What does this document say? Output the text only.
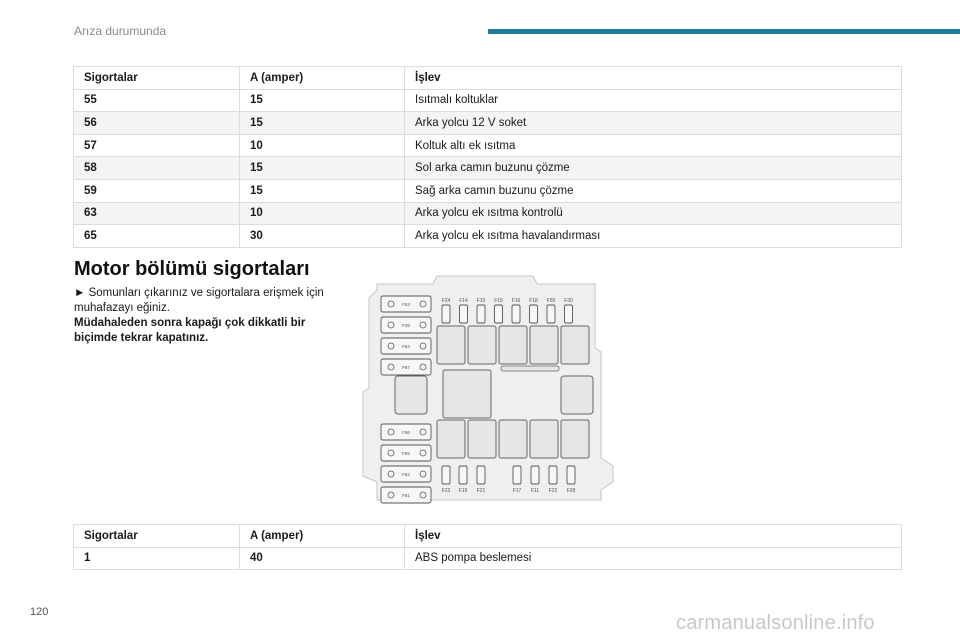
Arıza durumunda
Sigortalar	A (amper)	İşlev
55	15	Isıtmalı koltuklar
56	15	Arka yolcu 12 V soket
57	10	Koltuk altı ek ısıtma
58	15	Sol arka camın buzunu çözme
59	15	Sağ arka camın buzunu çözme
63	10	Arka yolcu ek ısıtma kontrolü
65	30	Arka yolcu ek ısıtma havalandırması
Motor bölümü sigortaları
► Somunları çıkarınız ve sigortalara erişmek için muhafazayı eğiniz.
Müdahaleden sonra kapağı çok dikkatli bir biçimde tekrar kapatınız.
F24 F14 F10 F15 F16 F18 F50 F30
F23 F19 F21	F17 F11 F22 F28
F53
F39
F84
F87
F86
F85
F82
F81
Sigortalar	A (amper)	İşlev
1	40	ABS pompa beslemesi
120	carmanualsonline.info
